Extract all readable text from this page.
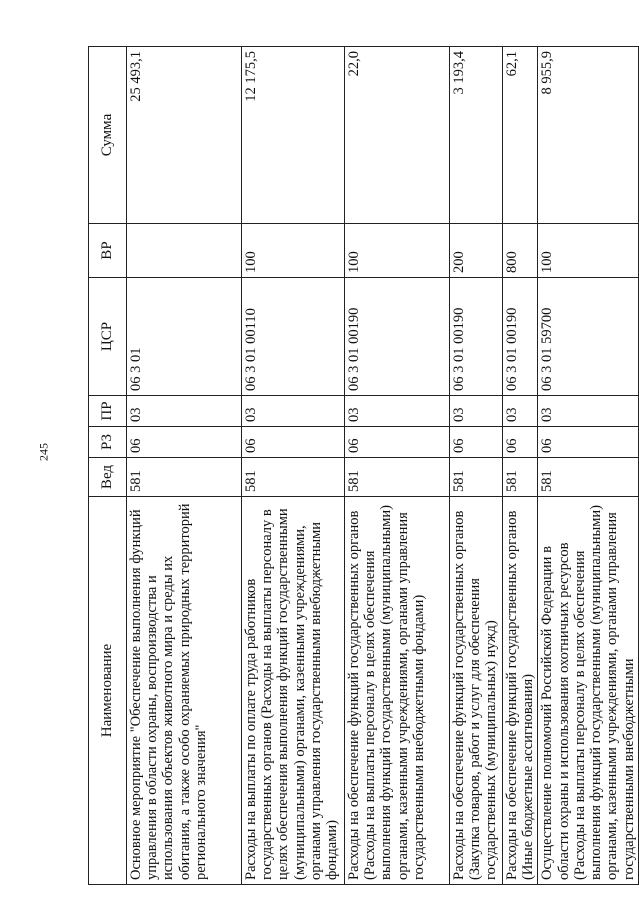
245
Наименование	Вед	РЗ	ПР	ЦСР	ВР	Сумма
Основное мероприятие "Обеспечение выполнения функций управления в области охраны, воспроизводства и использования объектов животного мира и среды их обитания, а также особо охраняемых природных территорий регионального значения"	581	06	03	06 3 01		25 493,1
Расходы на выплаты по оплате труда работников государственных органов (Расходы на выплаты персоналу в целях обеспечения выполнения функций государственными (муниципальными) органами, казенными учреждениями, органами управления государственными внебюджетными фондами)	581	06	03	06 3 01 00110	100	12 175,5
Расходы на обеспечение функций государственных органов (Расходы на выплаты персоналу в целях обеспечения выполнения функций государственными (муниципальными) органами, казенными учреждениями, органами управления государственными внебюджетными фондами)	581	06	03	06 3 01 00190	100	22,0
Расходы на обеспечение функций государственных органов (Закупка товаров, работ и услуг для обеспечения государственных (муниципальных) нужд)	581	06	03	06 3 01 00190	200	3 193,4
Расходы на обеспечение функций государственных органов (Иные бюджетные ассигнования)	581	06	03	06 3 01 00190	800	62,1
Осуществление полномочий Российской Федерации в области охраны и использования охотничьих ресурсов (Расходы на выплаты персоналу в целях обеспечения выполнения функций государственными (муниципальными) органами, казенными учреждениями, органами управления государственными внебюджетными	581	06	03	06 3 01 59700	100	8 955,9
